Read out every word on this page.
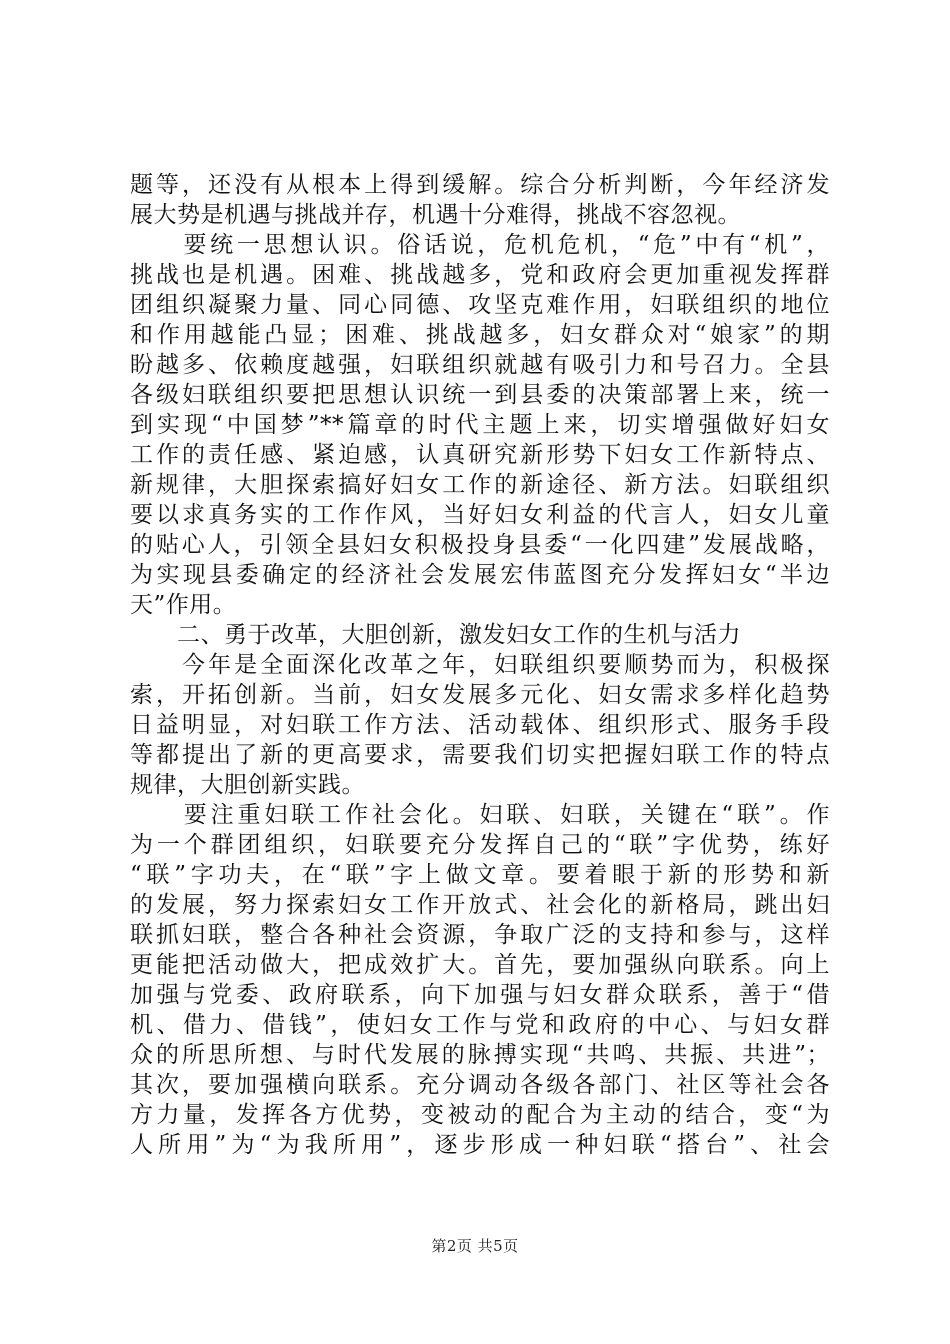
题等，还没有从根本上得到缓解。综合分析判断，今年经济发
展大势是机遇与挑战并存，机遇十分难得，挑战不容忽视。
　　要统一思想认识。俗话说，危机危机，“危”中有“机”，
挑战也是机遇。困难、挑战越多，党和政府会更加重视发挥群
团组织凝聚力量、同心同德、攻坚克难作用，妇联组织的地位
和作用越能凸显；困难、挑战越多，妇女群众对“娘家”的期
盼越多、依赖度越强，妇联组织就越有吸引力和号召力。全县
各级妇联组织要把思想认识统一到县委的决策部署上来，统一
到实现“中国梦”**篇章的时代主题上来，切实增强做好妇女
工作的责任感、紧迫感，认真研究新形势下妇女工作新特点、
新规律，大胆探索搞好妇女工作的新途径、新方法。妇联组织
要以求真务实的工作作风，当好妇女利益的代言人，妇女儿童
的贴心人，引领全县妇女积极投身县委“一化四建”发展战略，
为实现县委确定的经济社会发展宏伟蓝图充分发挥妇女“半边
天”作用。
　　二、勇于改革，大胆创新，激发妇女工作的生机与活力
　　今年是全面深化改革之年，妇联组织要顺势而为，积极探
索，开拓创新。当前，妇女发展多元化、妇女需求多样化趋势
日益明显，对妇联工作方法、活动载体、组织形式、服务手段
等都提出了新的更高要求，需要我们切实把握妇联工作的特点
规律，大胆创新实践。
　　要注重妇联工作社会化。妇联、妇联，关键在“联”。作
为一个群团组织，妇联要充分发挥自己的“联”字优势，练好
“联”字功夫，在“联”字上做文章。要着眼于新的形势和新
的发展，努力探索妇女工作开放式、社会化的新格局，跳出妇
联抓妇联，整合各种社会资源，争取广泛的支持和参与，这样
更能把活动做大，把成效扩大。首先，要加强纵向联系。向上
加强与党委、政府联系，向下加强与妇女群众联系，善于“借
机、借力、借钱”，使妇女工作与党和政府的中心、与妇女群
众的所思所想、与时代发展的脉搏实现“共鸣、共振、共进”；
其次，要加强横向联系。充分调动各级各部门、社区等社会各
方力量，发挥各方优势，变被动的配合为主动的结合，变“为
人所用”为“为我所用”，逐步形成一种妇联“搭台”、社会
第2页 共5页
